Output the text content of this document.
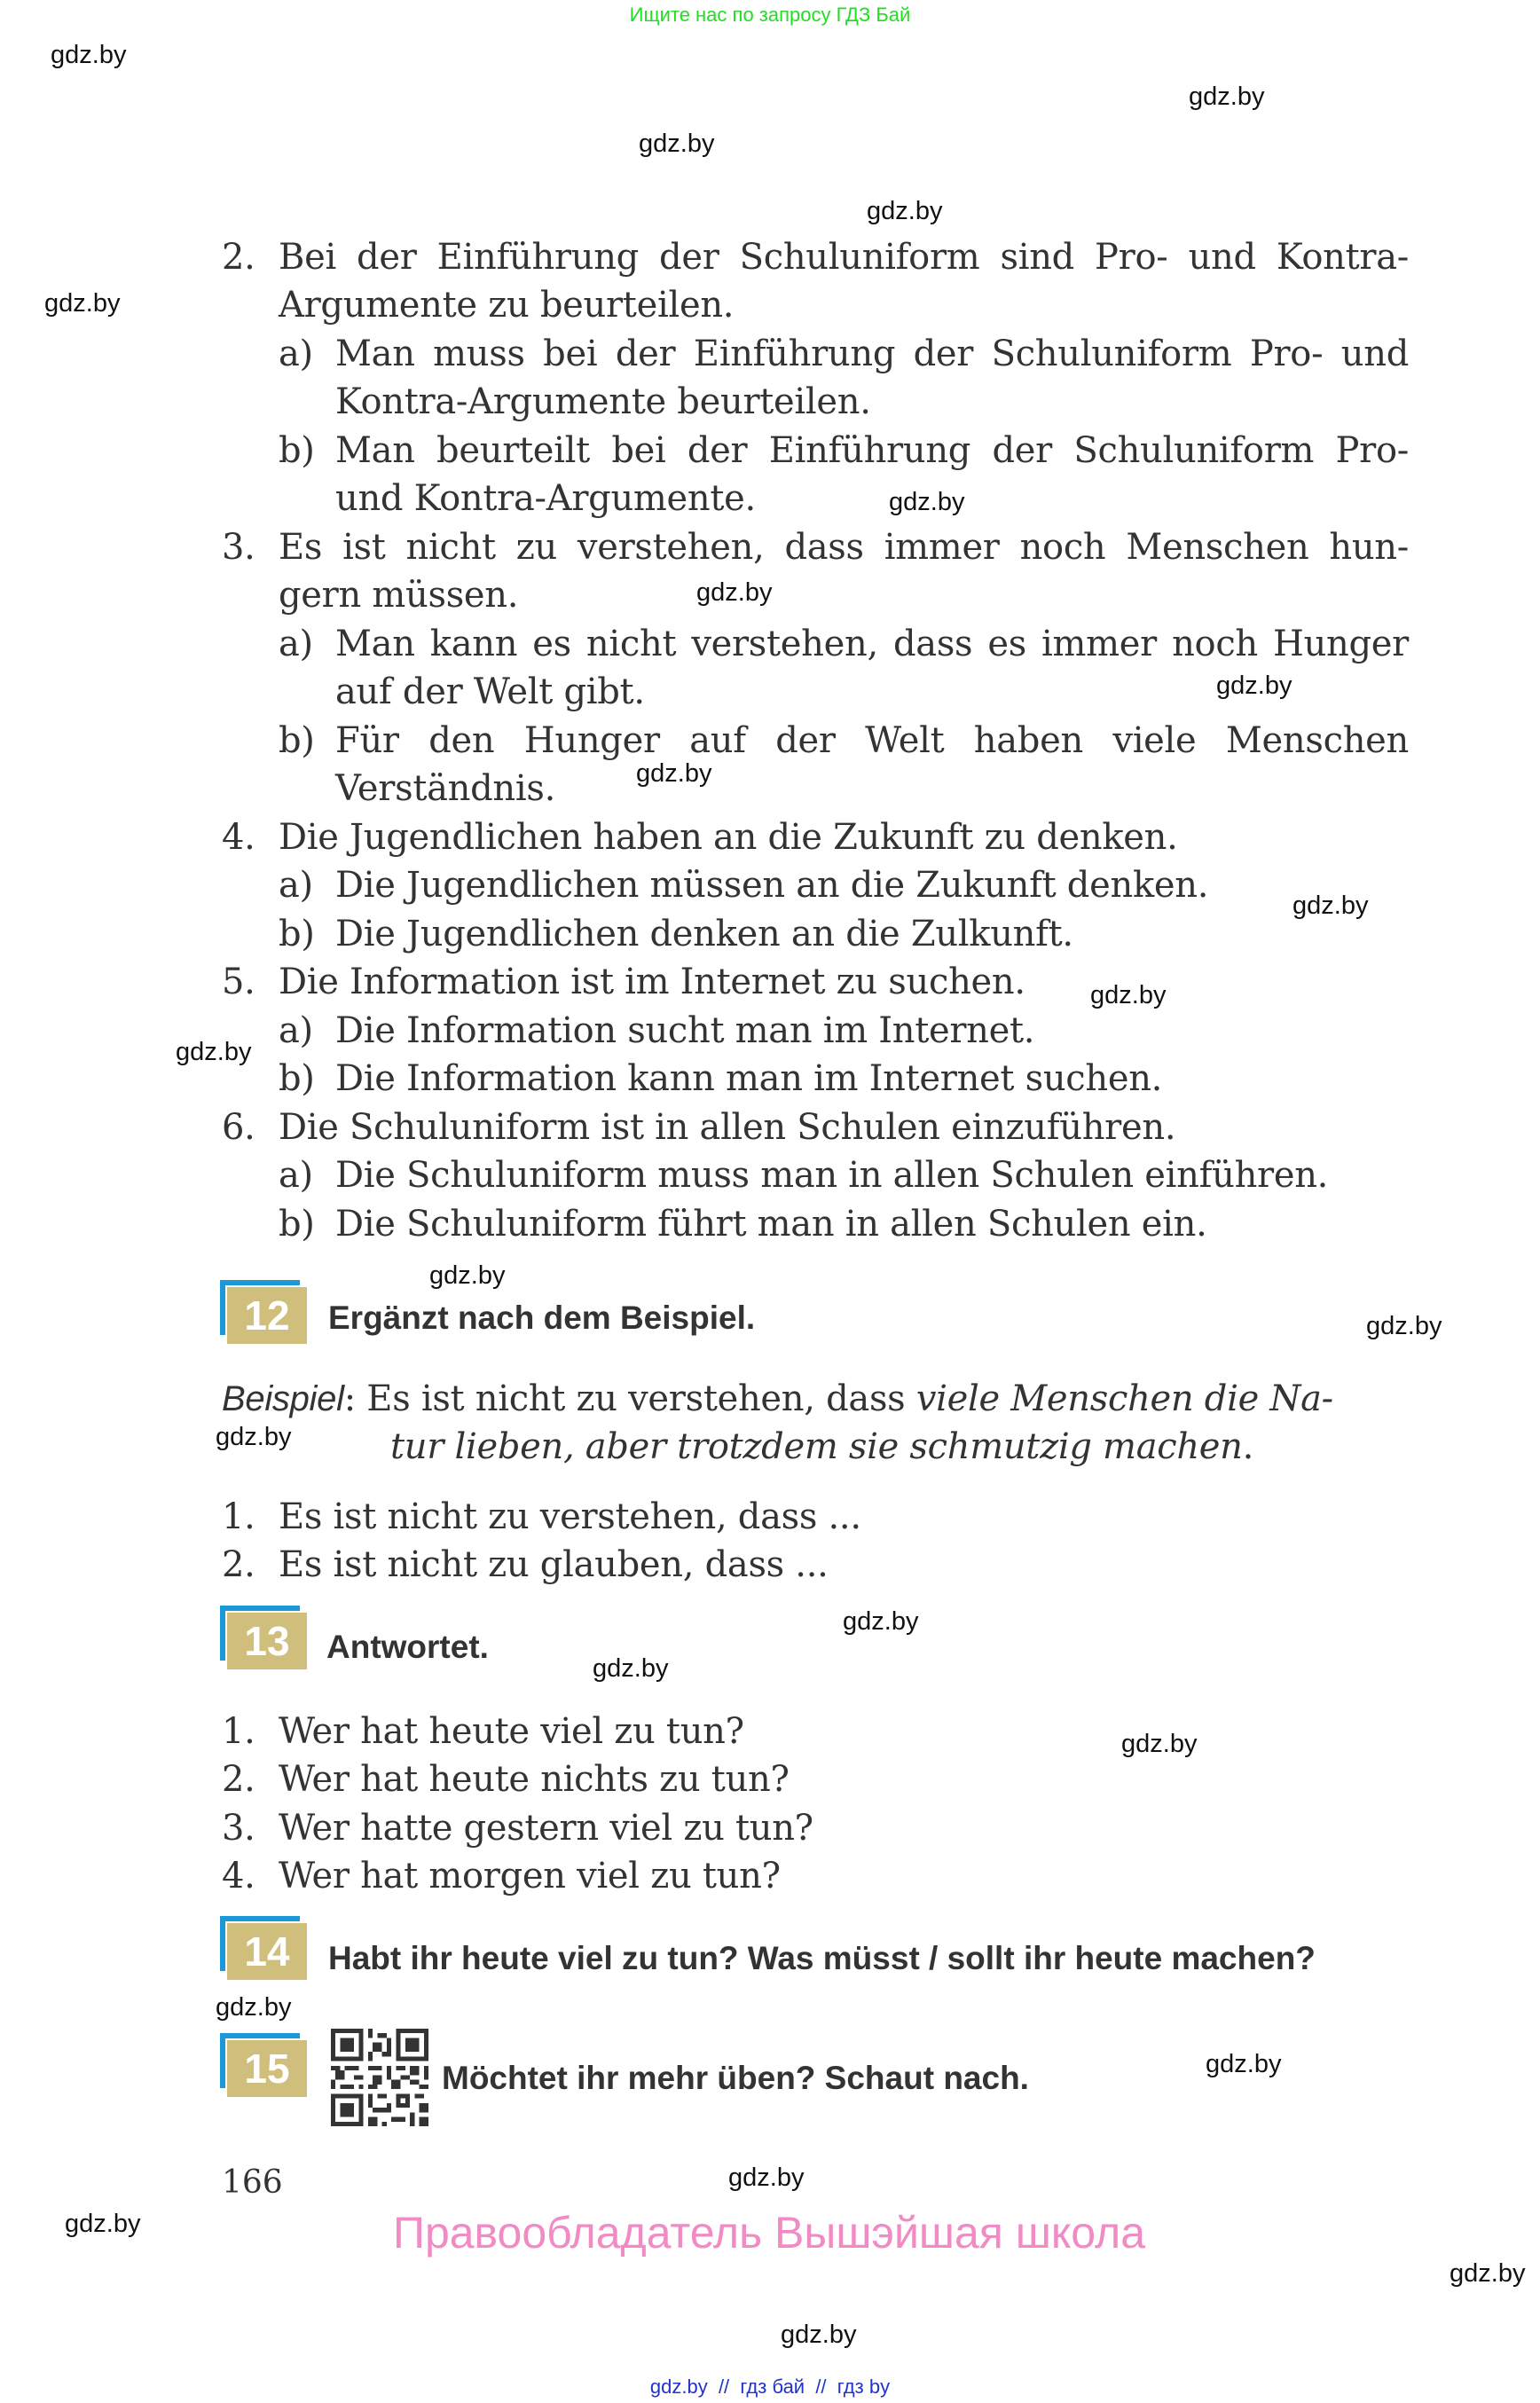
Ищите нас по запросу ГДЗ Бай
gdz.by
gdz.by
gdz.by
gdz.by
gdz.by
gdz.by
gdz.by
gdz.by
gdz.by
gdz.by
gdz.by
gdz.by
gdz.by
gdz.by
gdz.by
gdz.by
gdz.by
gdz.by
gdz.by
gdz.by
gdz.by
gdz.by
gdz.by
gdz.by
2. Bei der Einführung der Schuluniform sind Pro- und Kontra-
Argumente zu beurteilen.
a) Man muss bei der Einführung der Schuluniform Pro- und
Kontra-Argumente beurteilen.
b) Man beurteilt bei der Einführung der Schuluniform Pro-
und Kontra-Argumente.
3. Es ist nicht zu verstehen, dass immer noch Menschen hun-
gern müssen.
a) Man kann es nicht verstehen, dass es immer noch Hunger
auf der Welt gibt.
b) Für den Hunger auf der Welt haben viele Menschen
Verständnis.
4. Die Jugendlichen haben an die Zukunft zu denken.
a) Die Jugendlichen müssen an die Zukunft denken.
b) Die Jugendlichen denken an die Zulkunft.
5. Die Information ist im Internet zu suchen.
a) Die Information sucht man im Internet.
b) Die Information kann man im Internet suchen.
6. Die Schuluniform ist in allen Schulen einzuführen.
a) Die Schuluniform muss man in allen Schulen einführen.
b) Die Schuluniform führt man in allen Schulen ein.
12	Ergänzt nach dem Beispiel.
Beispiel: Es ist nicht zu verstehen, dass viele Menschen die Na-
tur lieben, aber trotzdem sie schmutzig machen.
1. Es ist nicht zu verstehen, dass ...
2. Es ist nicht zu glauben, dass ...
13	Antwortet.
1. Wer hat heute viel zu tun?
2. Wer hat heute nichts zu tun?
3. Wer hatte gestern viel zu tun?
4. Wer hat morgen viel zu tun?
14	Habt ihr heute viel zu tun? Was müsst / sollt ihr heute machen?
15	Möchtet ihr mehr üben? Schaut nach.
166
Правообладатель Вышэйшая школа
gdz.by  //  гдз бай  //  гдз by
